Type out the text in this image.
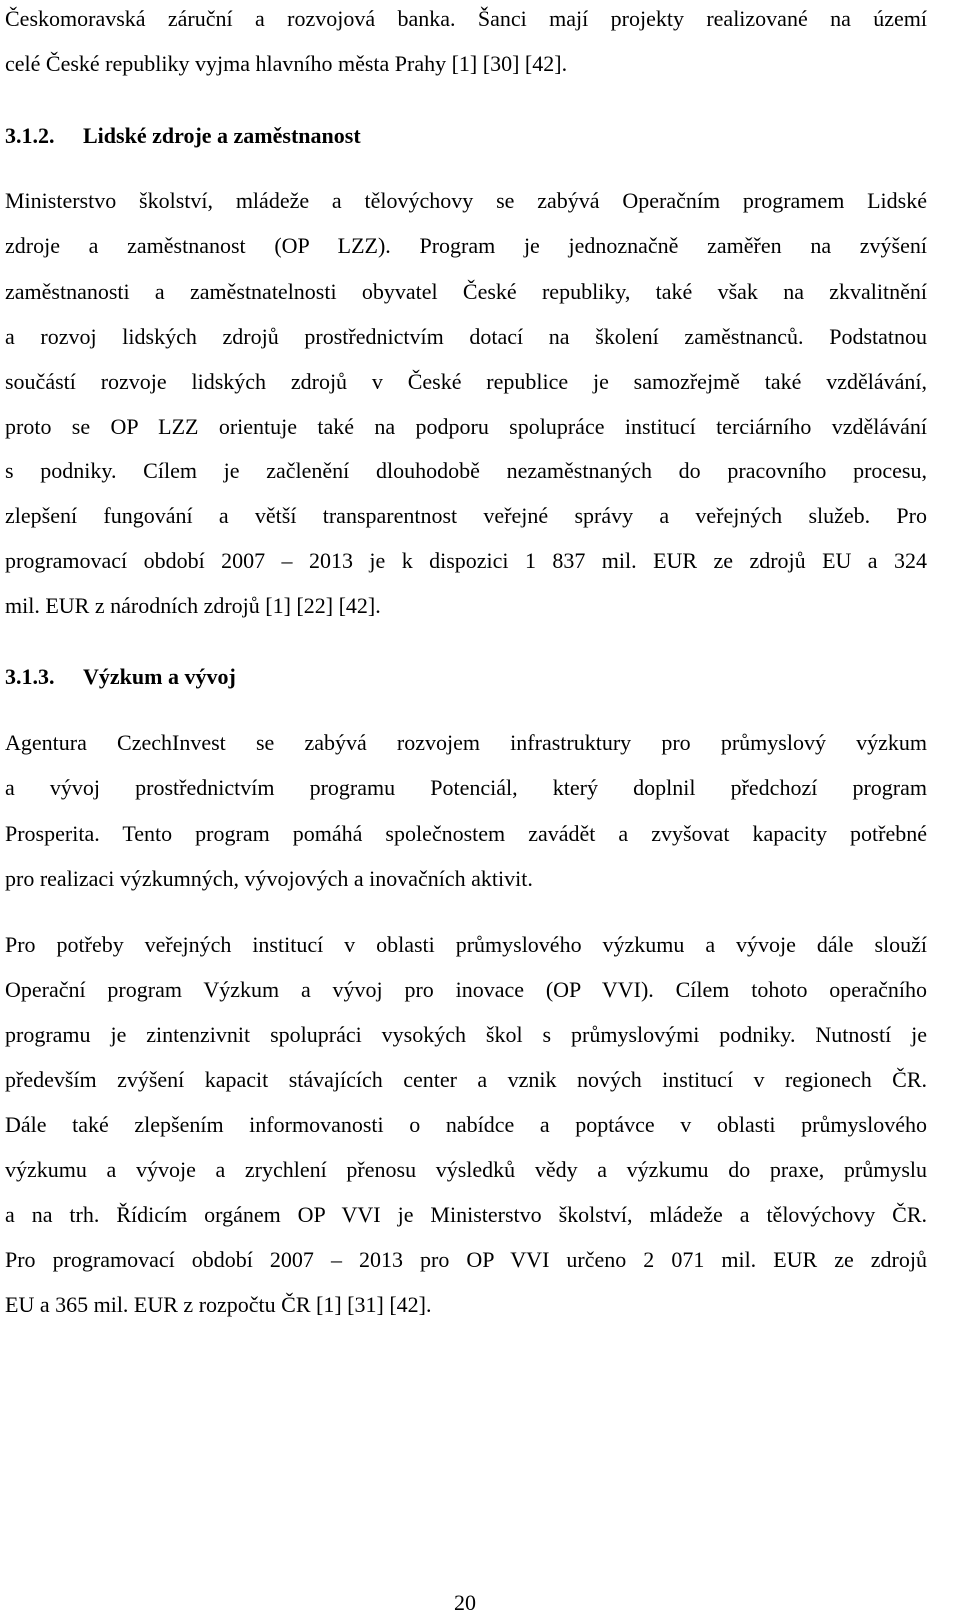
Českomoravská záruční a rozvojová banka. Šanci mají projekty realizované na území
celé České republiky vyjma hlavního města Prahy [1] [30] [42].
3.1.2. Lidské zdroje a zaměstnanost
Ministerstvo školství, mládeže a tělovýchovy se zabývá Operačním programem Lidské
zdroje a zaměstnanost (OP LZZ). Program je jednoznačně zaměřen na zvýšení
zaměstnanosti a zaměstnatelnosti obyvatel České republiky, také však na zkvalitnění
a rozvoj lidských zdrojů prostřednictvím dotací na školení zaměstnanců. Podstatnou
součástí rozvoje lidských zdrojů v České republice je samozřejmě také vzdělávání,
proto se OP LZZ orientuje také na podporu spolupráce institucí terciárního vzdělávání
s podniky. Cílem je začlenění dlouhodobě nezaměstnaných do pracovního procesu,
zlepšení fungování a větší transparentnost veřejné správy a veřejných služeb. Pro
programovací období 2007 – 2013 je k dispozici 1 837 mil. EUR ze zdrojů EU a 324
mil. EUR z národních zdrojů [1] [22] [42].
3.1.3. Výzkum a vývoj
Agentura CzechInvest se zabývá rozvojem infrastruktury pro průmyslový výzkum
a vývoj prostřednictvím programu Potenciál, který doplnil předchozí program
Prosperita. Tento program pomáhá společnostem zavádět a zvyšovat kapacity potřebné
pro realizaci výzkumných, vývojových a inovačních aktivit.
Pro potřeby veřejných institucí v oblasti průmyslového výzkumu a vývoje dále slouží
Operační program Výzkum a vývoj pro inovace (OP VVI). Cílem tohoto operačního
programu je zintenzivnit spolupráci vysokých škol s průmyslovými podniky. Nutností je
především zvýšení kapacit stávajících center a vznik nových institucí v regionech ČR.
Dále také zlepšením informovanosti o nabídce a poptávce v oblasti průmyslového
výzkumu a vývoje a zrychlení přenosu výsledků vědy a výzkumu do praxe, průmyslu
a na trh. Řídicím orgánem OP VVI je Ministerstvo školství, mládeže a tělovýchovy ČR.
Pro programovací období 2007 – 2013 pro OP VVI určeno 2 071 mil. EUR ze zdrojů
EU a 365 mil. EUR z rozpočtu ČR [1] [31] [42].
20
